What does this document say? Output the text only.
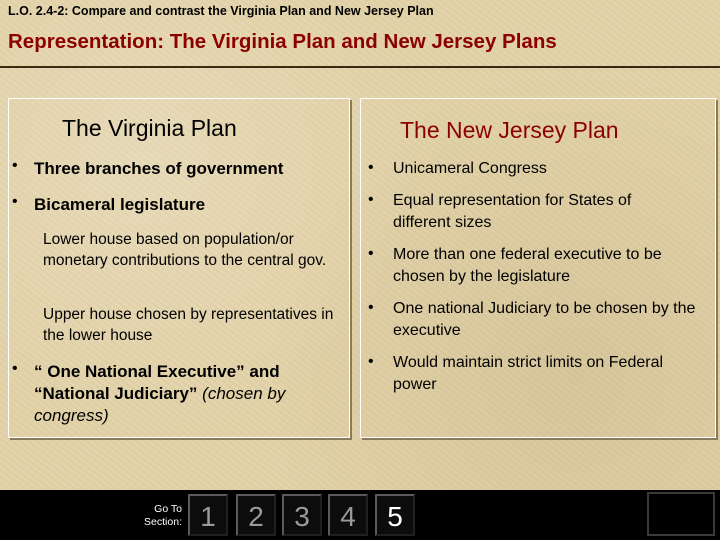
L.O. 2.4-2: Compare and contrast the Virginia Plan and New Jersey Plan
Representation: The Virginia Plan and New Jersey Plans
The Virginia Plan
• Three branches of government
• Bicameral legislature
Lower house based on population/or monetary contributions to the central gov.
Upper house chosen by representatives in the lower house
• “ One National Executive” and “National Judiciary” (chosen by congress)
The New Jersey Plan
• Unicameral Congress
• Equal representation for States of different sizes
• More than one federal executive to be chosen by the legislature
• One national Judiciary to be chosen by the executive
• Would maintain strict limits on Federal power
Go To Section: 1	2	3	4	5
